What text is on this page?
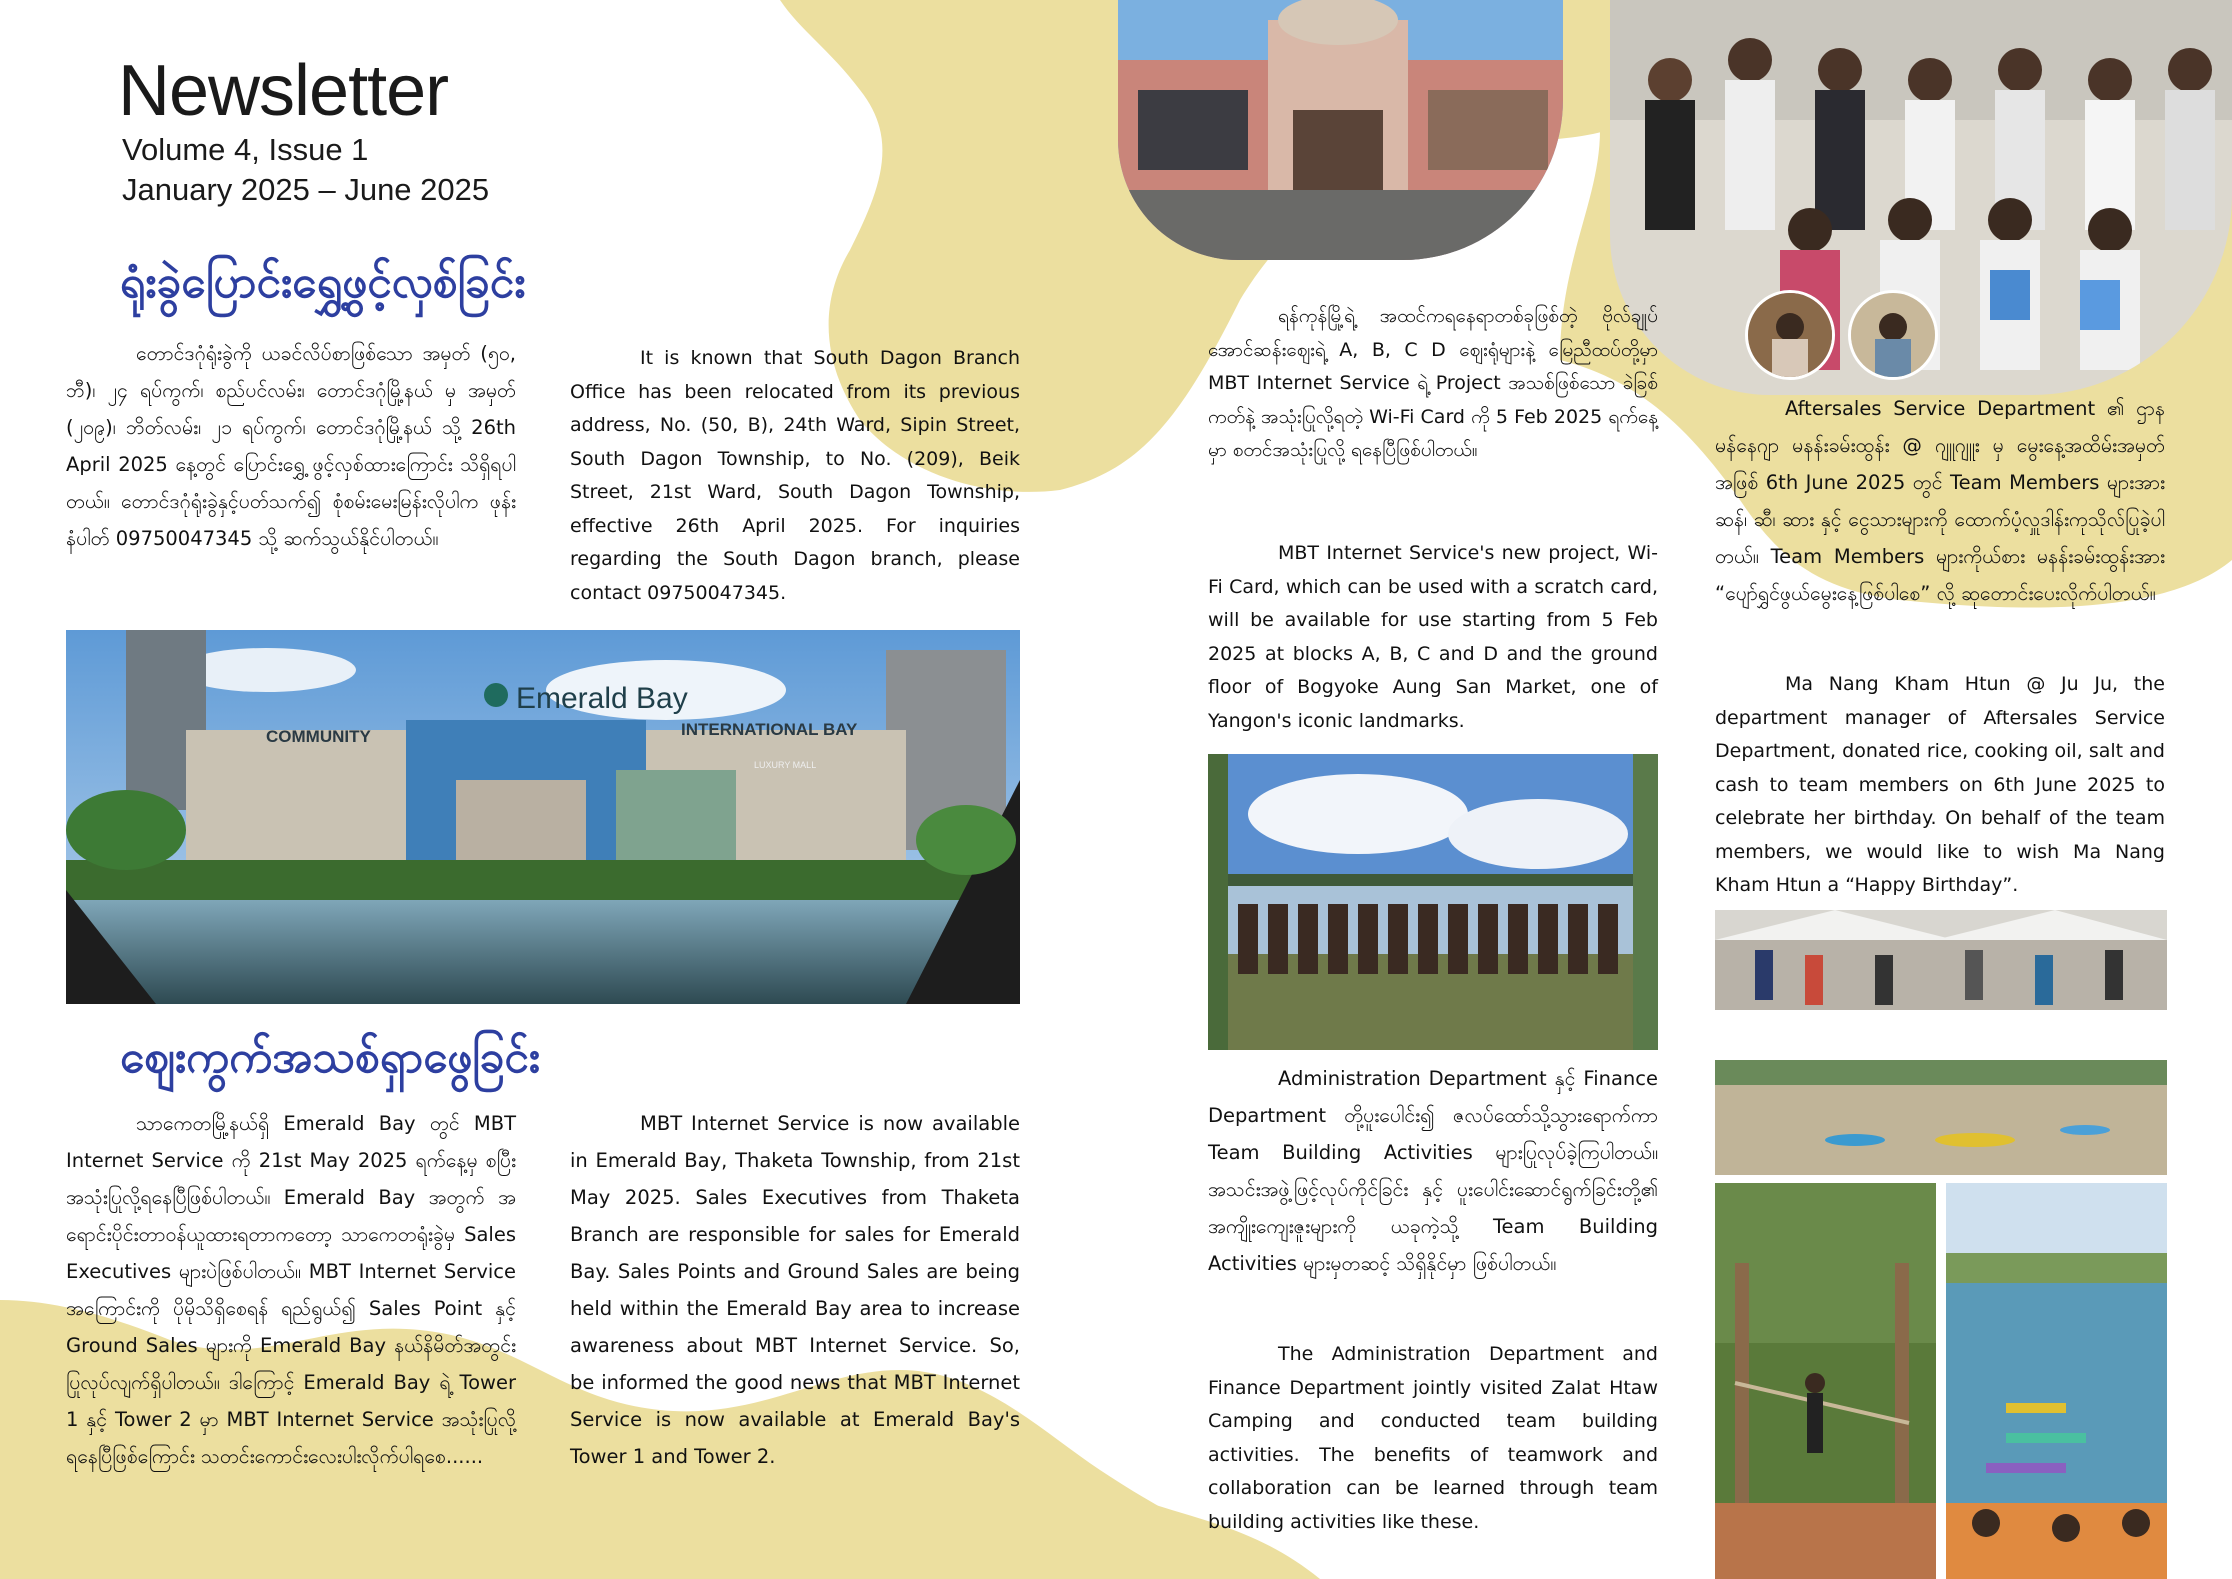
Newsletter
Volume 4, Issue 1
January 2025 – June 2025
ရုံးခွဲပြောင်းရွှေ့ဖွင့်လှစ်ခြင်း

တောင်ဒဂုံရုံးခွဲကို ယခင်လိပ်စာဖြစ်သော အမှတ် (၅၀, ဘီ)၊ ၂၄ ရပ်ကွက်၊ စည်ပင်လမ်း၊ တောင်ဒဂုံမြို့နယ် မှ အမှတ် (၂၀၉)၊ ဘိတ်လမ်း၊ ၂၁ ရပ်ကွက်၊ တောင်ဒဂုံမြို့နယ် သို့ 26th April 2025 နေ့တွင် ပြောင်းရွှေ့ ဖွင့်လှစ်ထားကြောင်း သိရှိရပါတယ်။ တောင်ဒဂုံရုံးခွဲနှင့်ပတ်သက်၍ စုံစမ်းမေးမြန်းလိုပါက ဖုန်းနံပါတ် 09750047345 သို့ ဆက်သွယ်နိုင်ပါတယ်။

It is known that South Dagon Branch Office has been relocated from its previous address, No. (50, B), 24th Ward, Sipin Street, South Dagon Township, to No. (209), Beik Street, 21st Ward, South Dagon Township, effective 26th April 2025. For inquiries regarding the South Dagon branch, please contact 09750047345.

Emerald Bay
COMMUNITY	INTERNATIONAL BAY
LUXURY MALL
ဈေးကွက်အသစ်ရှာဖွေခြင်း

သာကေတမြို့နယ်ရှိ Emerald Bay တွင် MBT Internet Service ကို 21st May 2025 ရက်နေ့မှ စပြီး အသုံးပြုလို့ရနေပြီဖြစ်ပါတယ်။ Emerald Bay အတွက် အရောင်းပိုင်းတာဝန်ယူထားရတာကတော့ သာကေတရုံးခွဲမှ Sales Executives များပဲဖြစ်ပါတယ်။ MBT Internet Service အကြောင်းကို ပိုမိုသိရှိစေရန် ရည်ရွယ်၍ Sales Point နှင့် Ground Sales များကို Emerald Bay နယ်နိမိတ်အတွင်းပြုလုပ်လျက်ရှိပါတယ်။ ဒါကြောင့် Emerald Bay ရဲ့ Tower 1 နှင့် Tower 2 မှာ MBT Internet Service အသုံးပြုလို့ ရနေပြီဖြစ်ကြောင်း သတင်းကောင်းလေးပါးလိုက်ပါရစေ......

MBT Internet Service is now available in Emerald Bay, Thaketa Township, from 21st May 2025. Sales Executives from Thaketa Branch are responsible for sales for Emerald Bay. Sales Points and Ground Sales are being held within the Emerald Bay area to increase awareness about MBT Internet Service. So, be informed the good news that MBT Internet Service is now available at Emerald Bay's Tower 1 and Tower 2.

ရန်ကုန်မြို့ရဲ့ အထင်ကရနေရာတစ်ခုဖြစ်တဲ့ ဗိုလ်ချုပ်အောင်ဆန်းဈေးရဲ့ A, B, C D ဈေးရုံများနဲ့ မြေညီထပ်တို့မှာ MBT Internet Service ရဲ့ Project အသစ်ဖြစ်သော ခဲခြစ်ကတ်နဲ့ အသုံးပြုလို့ရတဲ့ Wi-Fi Card ကို 5 Feb 2025 ရက်နေ့မှာ စတင်အသုံးပြုလို့ ရနေပြီဖြစ်ပါတယ်။

MBT Internet Service's new project, Wi-Fi Card, which can be used with a scratch card, will be available for use starting from 5 Feb 2025 at blocks A, B, C and D and the ground floor of Bogyoke Aung San Market, one of Yangon's iconic landmarks.

Administration Department နှင့် Finance Department တို့ပူးပေါင်း၍ ဇလပ်ထော်သို့သွားရောက်ကာ Team Building Activities များပြုလုပ်ခဲ့ကြပါတယ်။ အသင်းအဖွဲ့ဖြင့်လုပ်ကိုင်ခြင်း နှင့် ပူးပေါင်းဆောင်ရွက်ခြင်းတို့၏ အကျိုးကျေးဇူးများကို ယခုကဲ့သို့ Team Building Activities များမှတဆင့် သိရှိနိုင်မှာ ဖြစ်ပါတယ်။

The Administration Department and Finance Department jointly visited Zalat Htaw Camping and conducted team building activities. The benefits of teamwork and collaboration can be learned through team building activities like these.

Aftersales Service Department ၏ ဌာနမန်နေဂျာ မနန်းခမ်းထွန်း @ ဂျူဂျူး မှ မွေးနေ့အထိမ်းအမှတ်အဖြစ် 6th June 2025 တွင် Team Members များအား ဆန်၊ ဆီ၊ ဆား နှင့် ငွေသားများကို ထောက်ပံ့လှူဒါန်းကုသိုလ်ပြုခဲ့ပါတယ်။ Team Members များကိုယ်စား မနန်းခမ်းထွန်းအား “ပျော်ရွှင်ဖွယ်မွေးနေ့ဖြစ်ပါစေ” လို့ ဆုတောင်းပေးလိုက်ပါတယ်။

Ma Nang Kham Htun @ Ju Ju, the department manager of Aftersales Service Department, donated rice, cooking oil, salt and cash to team members on 6th June 2025 to celebrate her birthday. On behalf of the team members, we would like to wish Ma Nang Kham Htun a “Happy Birthday”.
